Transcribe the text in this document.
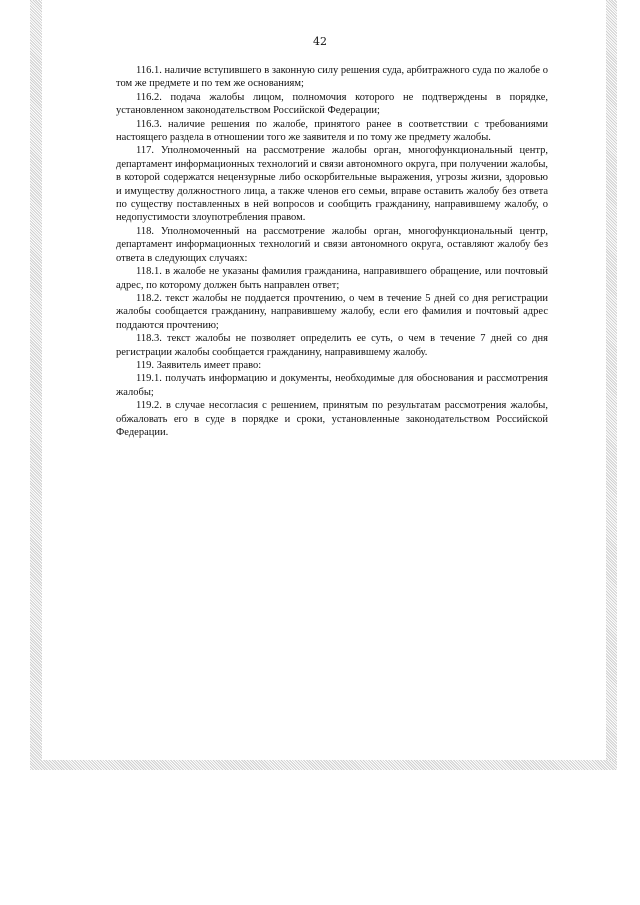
42

116.1. наличие вступившего в законную силу решения суда, арбитражного суда по жалобе о том же предмете и по тем же основаниям;

116.2. подача жалобы лицом, полномочия которого не подтверждены в порядке, установленном законодательством Российской Федерации;

116.3. наличие решения по жалобе, принятого ранее в соответствии с требованиями настоящего раздела в отношении того же заявителя и по тому же предмету жалобы.

117. Уполномоченный на рассмотрение жалобы орган, многофункциональный центр, департамент информационных технологий и связи автономного округа, при получении жалобы, в которой содержатся нецензурные либо оскорбительные выражения, угрозы жизни, здоровью и имуществу должностного лица, а также членов его семьи, вправе оставить жалобу без ответа по существу поставленных в ней вопросов и сообщить гражданину, направившему жалобу, о недопустимости злоупотребления правом.

118. Уполномоченный на рассмотрение жалобы орган, многофункциональный центр, департамент информационных технологий и связи автономного округа, оставляют жалобу без ответа в следующих случаях:

118.1. в жалобе не указаны фамилия гражданина, направившего обращение, или почтовый адрес, по которому должен быть направлен ответ;

118.2. текст жалобы не поддается прочтению, о чем в течение 5 дней со дня регистрации жалобы сообщается гражданину, направившему жалобу, если его фамилия и почтовый адрес поддаются прочтению;

118.3. текст жалобы не позволяет определить ее суть, о чем в течение 7 дней со дня регистрации жалобы сообщается гражданину, направившему жалобу.

119. Заявитель имеет право:

119.1. получать информацию и документы, необходимые для обоснования и рассмотрения жалобы;

119.2. в случае несогласия с решением, принятым по результатам рассмотрения жалобы, обжаловать его в суде в порядке и сроки, установленные законодательством Российской Федерации.
